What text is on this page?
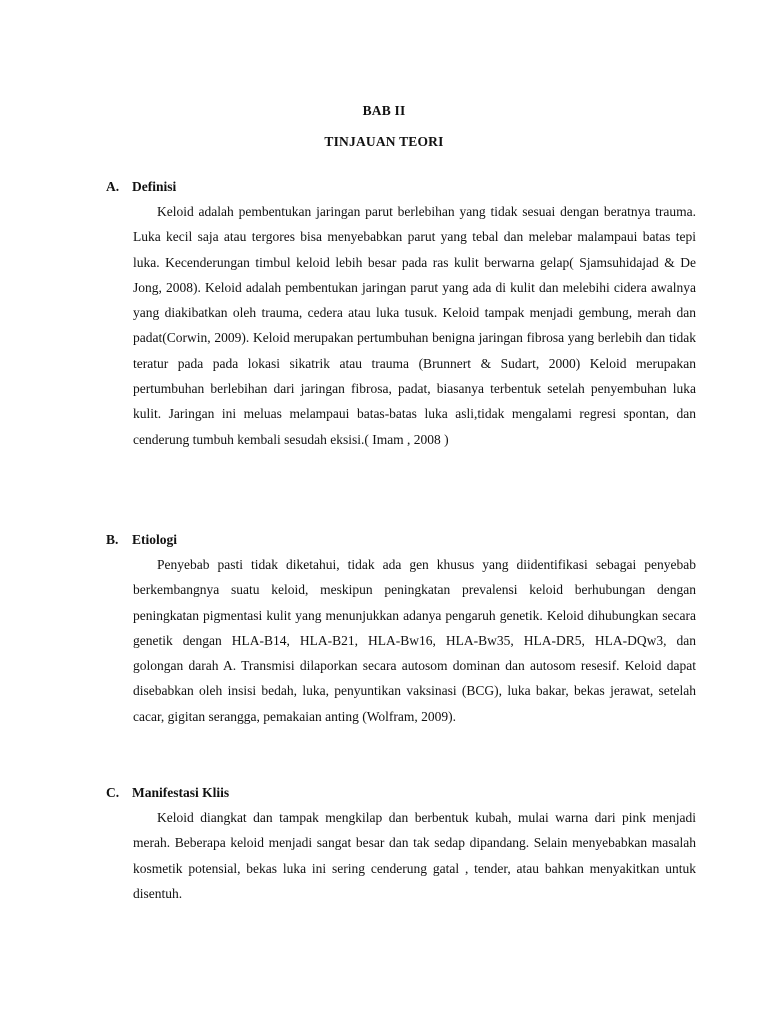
BAB II
TINJAUAN TEORI
A. Definisi
Keloid adalah pembentukan jaringan parut berlebihan yang tidak sesuai dengan beratnya trauma. Luka kecil saja atau tergores bisa menyebabkan parut yang tebal dan melebar malampaui batas tepi luka. Kecenderungan timbul keloid lebih besar pada ras kulit berwarna gelap( Sjamsuhidajad & De Jong, 2008). Keloid adalah pembentukan jaringan parut yang ada di kulit dan melebihi cidera awalnya yang diakibatkan oleh trauma, cedera atau luka tusuk. Keloid tampak menjadi gembung, merah dan padat(Corwin, 2009). Keloid merupakan pertumbuhan benigna jaringan fibrosa yang berlebih dan tidak teratur pada pada lokasi sikatrik atau trauma (Brunnert & Sudart, 2000) Keloid merupakan pertumbuhan berlebihan dari jaringan fibrosa, padat, biasanya terbentuk setelah penyembuhan luka kulit. Jaringan ini meluas melampaui batas-batas luka asli,tidak mengalami regresi spontan, dan cenderung tumbuh kembali sesudah eksisi.( Imam , 2008 )
B.	Etiologi
Penyebab pasti tidak diketahui, tidak ada gen khusus yang diidentifikasi sebagai penyebab berkembangnya suatu keloid, meskipun peningkatan prevalensi keloid berhubungan dengan peningkatan pigmentasi kulit yang menunjukkan adanya pengaruh genetik. Keloid dihubungkan secara genetik dengan HLA-B14, HLA-B21, HLA-Bw16, HLA-Bw35, HLA-DR5, HLA-DQw3, dan golongan darah A. Transmisi dilaporkan secara autosom dominan dan autosom resesif. Keloid dapat disebabkan oleh insisi bedah, luka, penyuntikan vaksinasi (BCG), luka bakar, bekas jerawat, setelah cacar, gigitan serangga, pemakaian anting (Wolfram, 2009).
C. Manifestasi Kliis
Keloid diangkat dan tampak mengkilap dan berbentuk kubah, mulai warna dari pink menjadi merah. Beberapa keloid menjadi sangat besar dan tak sedap dipandang. Selain menyebabkan masalah kosmetik potensial, bekas luka ini sering cenderung gatal , tender, atau bahkan menyakitkan untuk disentuh.
